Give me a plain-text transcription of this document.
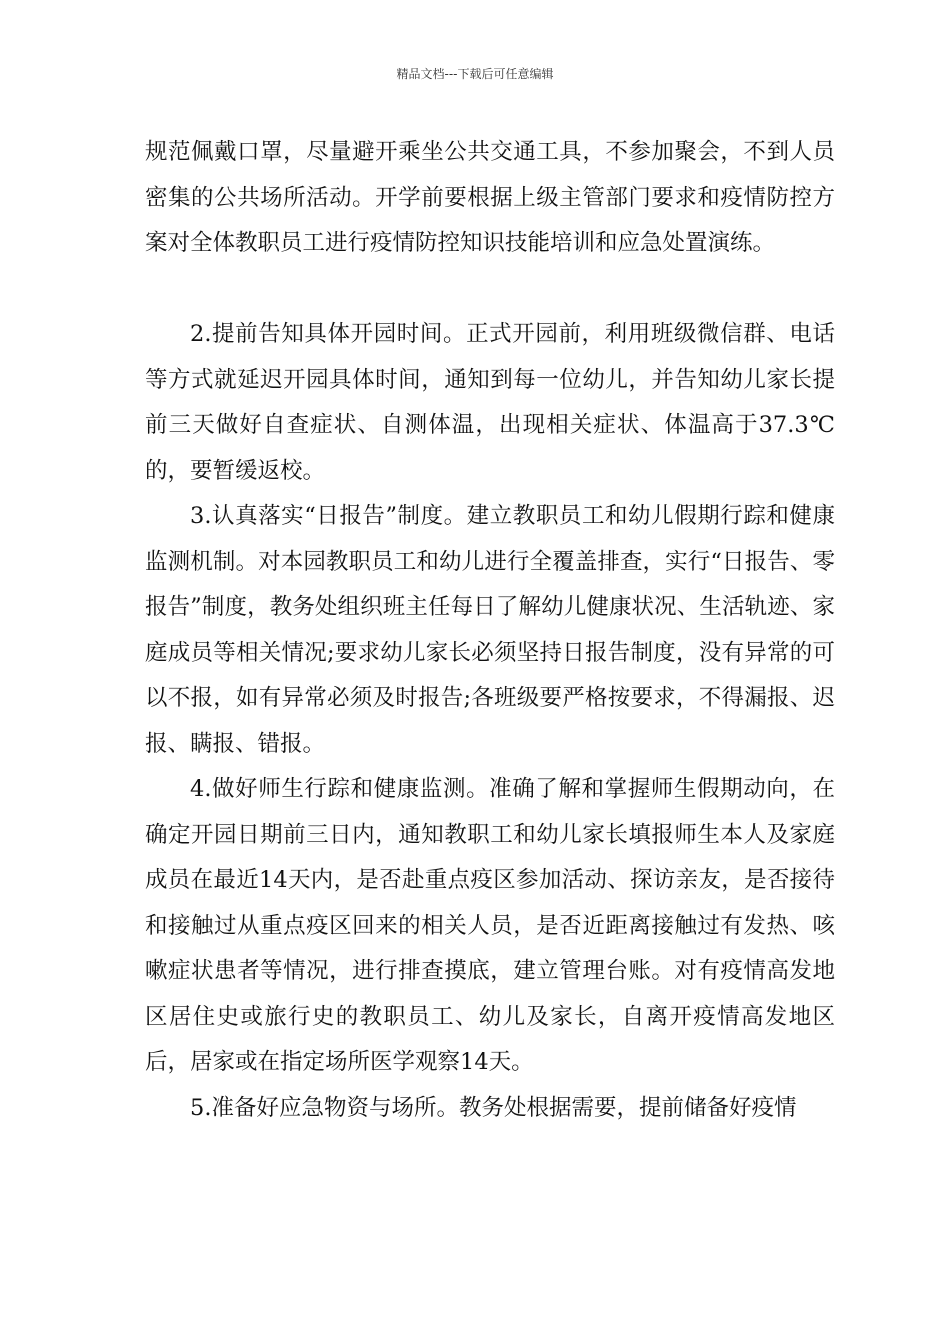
精品文档---下载后可任意编辑

规范佩戴口罩，尽量避开乘坐公共交通工具，不参加聚会，不到人员密集的公共场所活动。开学前要根据上级主管部门要求和疫情防控方案对全体教职员工进行疫情防控知识技能培训和应急处置演练。

2.提前告知具体开园时间。正式开园前，利用班级微信群、电话等方式就延迟开园具体时间，通知到每一位幼儿，并告知幼儿家长提前三天做好自查症状、自测体温，出现相关症状、体温高于37.3℃的，要暂缓返校。

3.认真落实“日报告”制度。建立教职员工和幼儿假期行踪和健康监测机制。对本园教职员工和幼儿进行全覆盖排查，实行“日报告、零报告”制度，教务处组织班主任每日了解幼儿健康状况、生活轨迹、家庭成员等相关情况;要求幼儿家长必须坚持日报告制度，没有异常的可以不报，如有异常必须及时报告;各班级要严格按要求，不得漏报、迟报、瞒报、错报。

4.做好师生行踪和健康监测。准确了解和掌握师生假期动向，在确定开园日期前三日内，通知教职工和幼儿家长填报师生本人及家庭成员在最近14天内，是否赴重点疫区参加活动、探访亲友，是否接待和接触过从重点疫区回来的相关人员，是否近距离接触过有发热、咳嗽症状患者等情况，进行排查摸底，建立管理台账。对有疫情高发地区居住史或旅行史的教职员工、幼儿及家长，自离开疫情高发地区后，居家或在指定场所医学观察14天。

5.准备好应急物资与场所。教务处根据需要，提前储备好疫情
